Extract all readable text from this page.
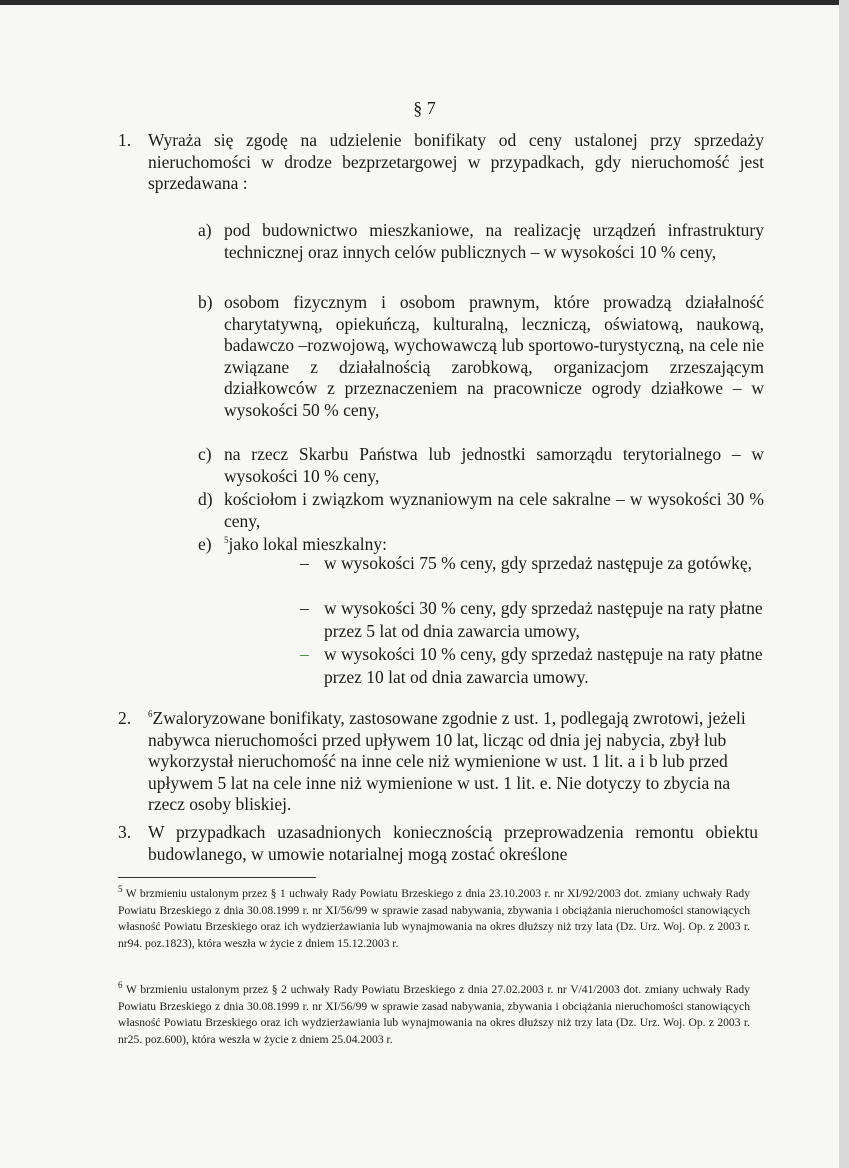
§ 7
1. Wyraża się zgodę na udzielenie bonifikaty od ceny ustalonej przy sprzedaży nieruchomości w drodze bezprzetargowej w przypadkach, gdy nieruchomość jest sprzedawana :
a) pod budownictwo mieszkaniowe, na realizację urządzeń infrastruktury technicznej oraz innych celów publicznych – w wysokości 10 % ceny,
b) osobom fizycznym i osobom prawnym, które prowadzą działalność charytatywną, opiekuńczą, kulturalną, leczniczą, oświatową, naukową, badawczo –rozwojową, wychowawczą lub sportowo-turystyczną, na cele nie związane z działalnością zarobkową, organizacjom zrzeszającym działkowców z przeznaczeniem na pracownicze ogrody działkowe – w wysokości 50 % ceny,
c) na rzecz Skarbu Państwa lub jednostki samorządu terytorialnego – w wysokości 10 % ceny,
d) kościołom i związkom wyznaniowym na cele sakralne – w wysokości 30 % ceny,
e) $^5$jako lokal mieszkalny:
– w wysokości 75 % ceny, gdy sprzedaż następuje za gotówkę,
– w wysokości 30 % ceny, gdy sprzedaż następuje na raty płatne przez 5 lat od dnia zawarcia umowy,
– w wysokości 10 % ceny, gdy sprzedaż następuje na raty płatne przez 10 lat od dnia zawarcia umowy.
2. $^6$Zwaloryzowane bonifikaty, zastosowane zgodnie z ust. 1, podlegają zwrotowi, jeżeli nabywca nieruchomości przed upływem 10 lat, licząc od dnia jej nabycia, zbył lub wykorzystał nieruchomość na inne cele niż wymienione w ust. 1 lit. a i b lub przed upływem 5 lat na cele inne niż wymienione w ust. 1 lit. e. Nie dotyczy to zbycia na rzecz osoby bliskiej.
3. W przypadkach uzasadnionych koniecznością przeprowadzenia remontu obiektu budowlanego, w umowie notarialnej mogą zostać określone
$^5$ W brzmieniu ustalonym przez § 1 uchwały Rady Powiatu Brzeskiego z dnia 23.10.2003 r. nr XI/92/2003 dot. zmiany uchwały Rady Powiatu Brzeskiego z dnia 30.08.1999 r. nr XI/56/99 w sprawie zasad nabywania, zbywania i obciążania nieruchomości stanowiących własność Powiatu Brzeskiego oraz ich wydzierżawiania lub wynajmowania na okres dłuższy niż trzy lata (Dz. Urz. Woj. Op. z 2003 r. nr94. poz.1823), która weszła w życie z dniem 15.12.2003 r.
$^6$ W brzmieniu ustalonym przez § 2 uchwały Rady Powiatu Brzeskiego z dnia 27.02.2003 r. nr V/41/2003 dot. zmiany uchwały Rady Powiatu Brzeskiego z dnia 30.08.1999 r. nr XI/56/99 w sprawie zasad nabywania, zbywania i obciążania nieruchomości stanowiących własność Powiatu Brzeskiego oraz ich wydzierżawiania lub wynajmowania na okres dłuższy niż trzy lata (Dz. Urz. Woj. Op. z 2003 r. nr25. poz.600), która weszła w życie z dniem 25.04.2003 r.
